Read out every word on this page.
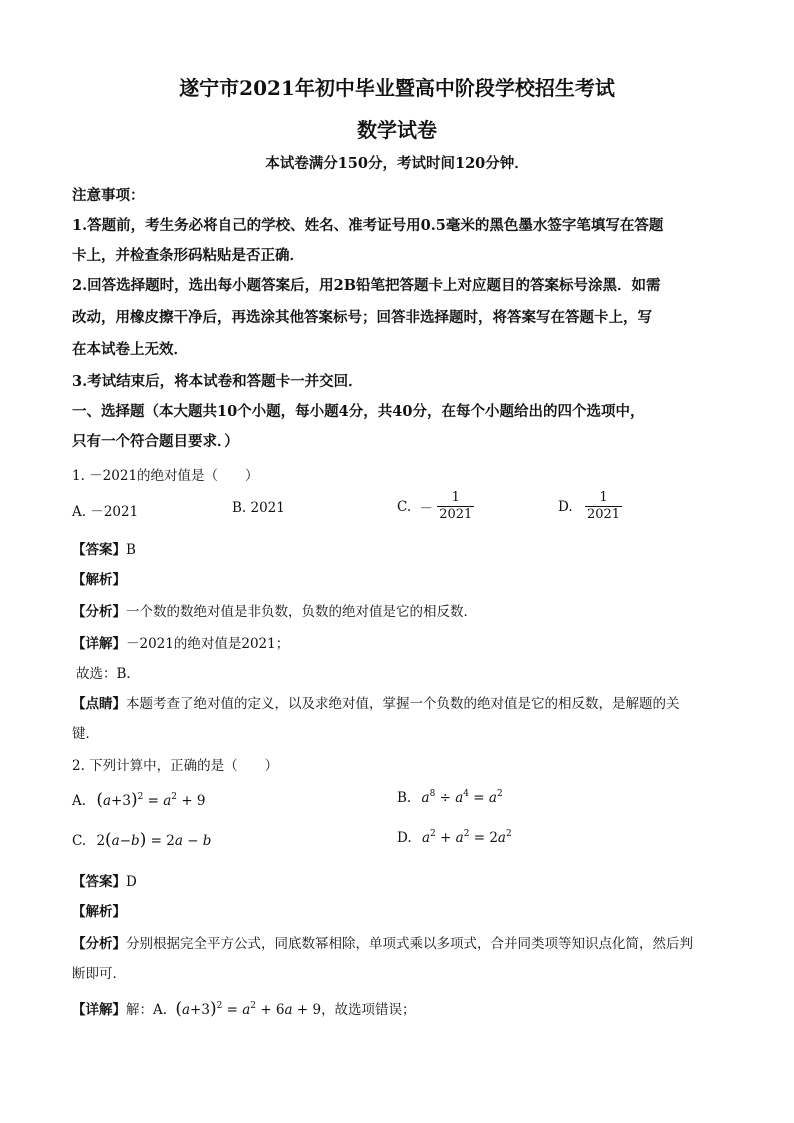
遂宁市2021年初中毕业暨高中阶段学校招生考试
数学试卷
本试卷满分150分，考试时间120分钟．
注意事项：
1.答题前，考生务必将自己的学校、姓名、准考证号用0.5毫米的黑色墨水签字笔填写在答题
卡上，并检查条形码粘贴是否正确．
2.回答选择题时，选出每小题答案后，用2B铅笔把答题卡上对应题目的答案标号涂黑．如需
改动，用橡皮擦干净后，再选涂其他答案标号；回答非选择题时，将答案写在答题卡上，写
在本试卷上无效．
3.考试结束后，将本试卷和答题卡一并交回．
一、选择题（本大题共10个小题，每小题4分，共40分，在每个小题给出的四个选项中，
只有一个符合题目要求．）
1. －2021的绝对值是（　　）
A. －2021	B. 2021	C. － $\frac{1}{2021}$	D. $\frac{1}{2021}$
【答案】B
【解析】
【分析】一个数的数绝对值是非负数，负数的绝对值是它的相反数．
【详解】－2021的绝对值是2021；
故选：B．
【点睛】本题考查了绝对值的定义，以及求绝对值，掌握一个负数的绝对值是它的相反数，是解题的关
键．
2. 下列计算中，正确的是（　　）
A. $(a+3)^2 = a^2 + 9$	B. $a^8 \div a^4 = a^2$
C. 2(a−b) = 2a − b	D. $a^2 + a^2 = 2a^2$
【答案】D
【解析】
【分析】分别根据完全平方公式，同底数幂相除，单项式乘以多项式，合并同类项等知识点化简，然后判
断即可．
【详解】解：A. $(a+3)^2 = a^2 + 6a + 9$，故选项错误；
